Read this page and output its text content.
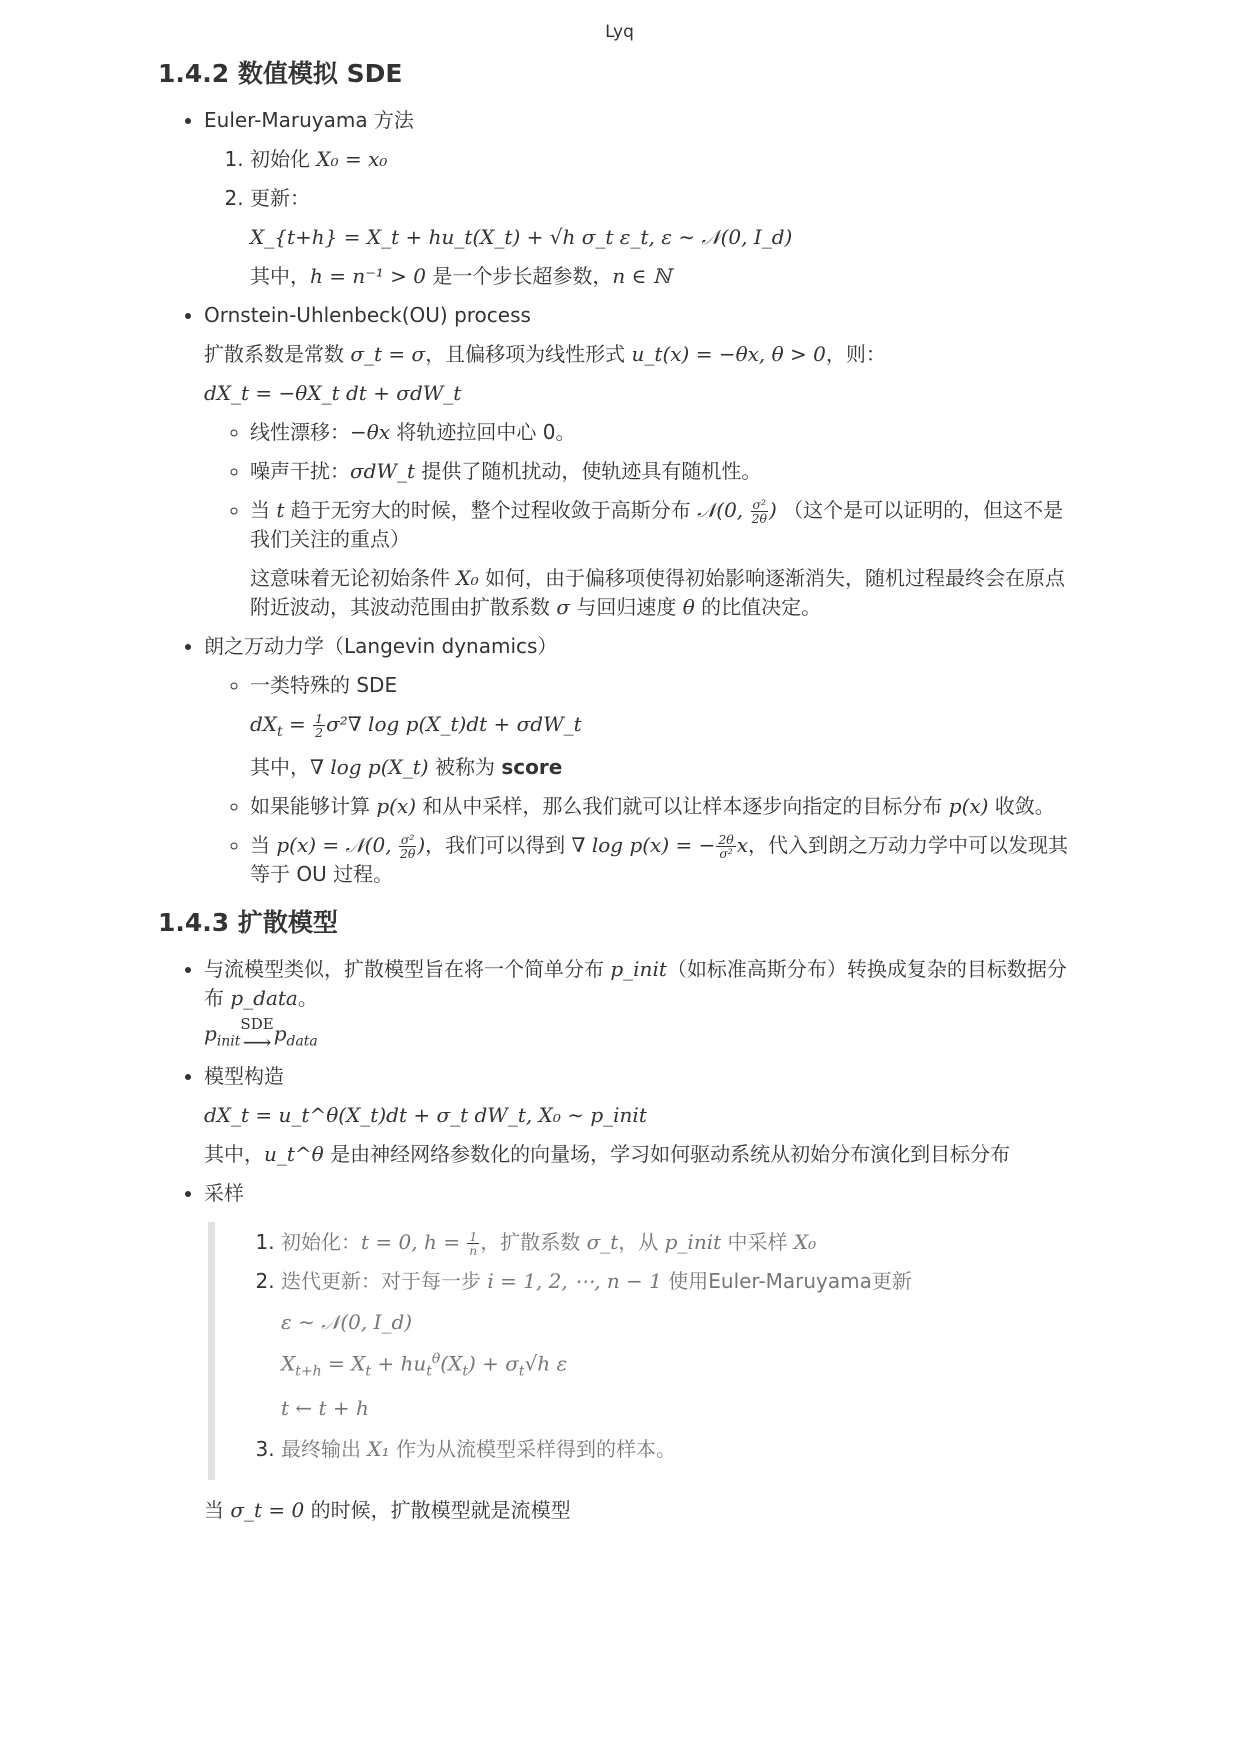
Lyq
1.4.2 数值模拟 SDE
• Euler-Maruyama 方法
1. 初始化 X₀ = x₀
2. 更新：
X_{t+h} = X_t + hu_t(X_t) + √h σ_t ε_t, ε ∼ 𝒩(0, I_d)
其中，h = n⁻¹ > 0 是一个步长超参数，n ∈ ℕ
• Ornstein-Uhlenbeck(OU) process
扩散系数是常数 σ_t = σ，且偏移项为线性形式 u_t(x) = −θx, θ > 0，则：
dX_t = −θX_t dt + σdW_t
◦ 线性漂移：−θx 将轨迹拉回中心 0。
◦ 噪声干扰：σdW_t 提供了随机扰动，使轨迹具有随机性。
◦ 当 t 趋于无穷大的时候，整个过程收敛于高斯分布 𝒩(0, $\frac{\text{σ²}}{2\theta}$ ) （这个是可以证明的，但这不是我们关注的重点）
这意味着无论初始条件 X₀ 如何，由于偏移项使得初始影响逐渐消失，随机过程最终会在原点附近波动，其波动范围由扩散系数 σ 与回归速度 θ 的比值决定。
• 朗之万动力学（Langevin dynamics）
◦ 一类特殊的 SDE
$dX_t = \frac{1}{2} \sigma^2\nabla$ log p(X_t)dt + σdW_t
其中，∇ log p(X_t) 被称为 score
◦ 如果能够计算 p(x) 和从中采样，那么我们就可以让样本逐步向指定的目标分布 p(x) 收敛。
◦ 当 p(x) = 𝒩(0, $\frac{\text{σ²}}{2\theta}$ )，我们可以得到 ∇ log p(x) = − $\frac{2\theta}{\text{σ²}}$ x，代入到朗之万动力学中可以发现其等于 OU 过程。
1.4.3 扩散模型
• 与流模型类似，扩散模型旨在将一个简单分布 p_init（如标准高斯分布）转换成复杂的目标数据分布 p_data。
$p_{init}$
SDE
⟶ $p_{data}$
• 模型构造
dX_t = u_t^θ(X_t)dt + σ_t dW_t, X₀ ∼ p_init
其中，u_t^θ 是由神经网络参数化的向量场，学习如何驱动系统从初始分布演化到目标分布
• 采样
1. 初始化：t = 0, $h = \frac{1}{n}$ ，扩散系数 σ_t，从 p_init 中采样 X₀
2. 迭代更新：对于每一步 i = 1, 2, ⋯, n − 1 使用Euler-Maruyama更新
ε ∼ 𝒩(0, I_d)
$X_{t+h} = X_t + hu_t^\theta(X_t) + \sigma_t√h$ ε
t ← t + h
3. 最终输出 X₁ 作为从流模型采样得到的样本。
当 σ_t = 0 的时候，扩散模型就是流模型
